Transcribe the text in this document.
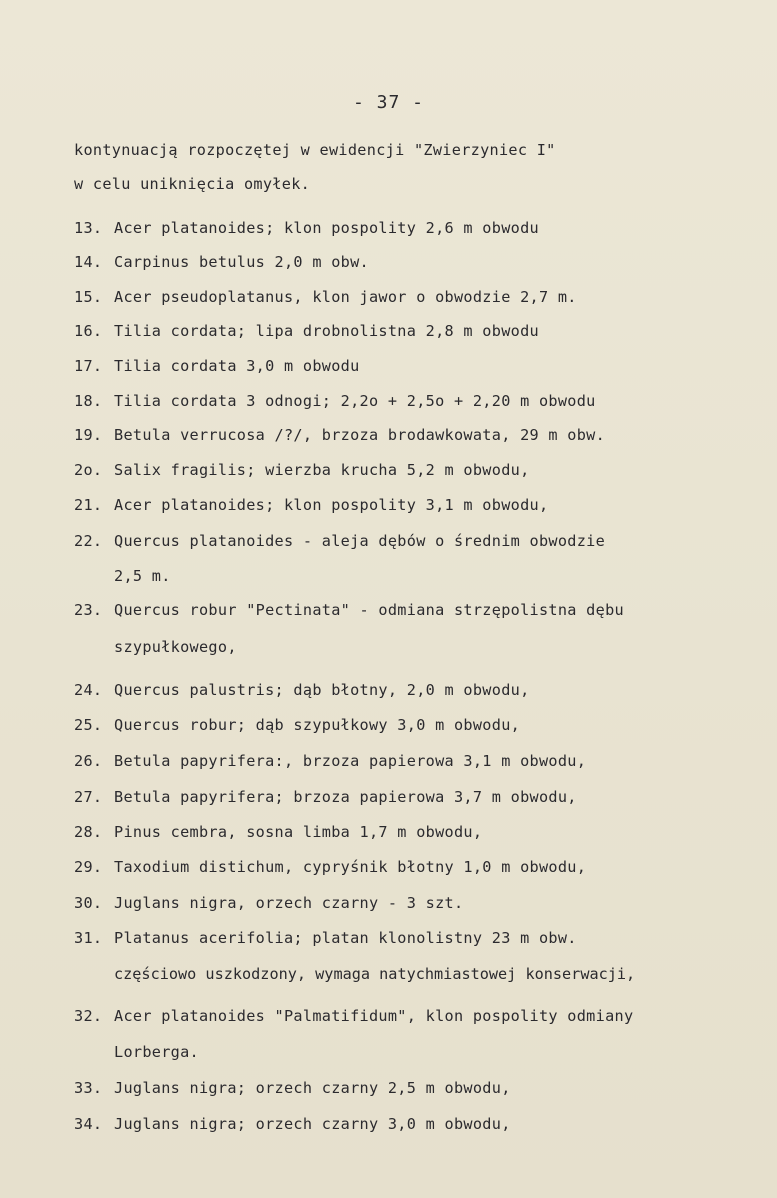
- 37 -
kontynuacją rozpoczętej w ewidencji "Zwierzyniec I"
w celu uniknięcia omyłek.
13. Acer platanoides; klon pospolity 2,6 m obwodu
14. Carpinus betulus 2,0 m obw.
15. Acer pseudoplatanus, klon jawor o obwodzie 2,7 m.
16. Tilia cordata; lipa drobnolistna 2,8 m obwodu
17. Tilia cordata 3,0 m obwodu
18. Tilia cordata 3 odnogi; 2,2o + 2,5o + 2,20 m obwodu
19. Betula verrucosa /?/, brzoza brodawkowata, 29 m obw.
2o. Salix fragilis; wierzba krucha 5,2 m obwodu,
21. Acer platanoides; klon pospolity 3,1 m obwodu,
22. Quercus platanoides - aleja dębów o średnim obwodzie
2,5 m.
23. Quercus robur "Pectinata" - odmiana strzępolistna dębu
szypułkowego,
24. Quercus palustris; dąb błotny, 2,0 m obwodu,
25. Quercus robur; dąb szypułkowy 3,0 m obwodu,
26. Betula papyrifera:, brzoza papierowa 3,1 m obwodu,
27. Betula papyrifera; brzoza papierowa 3,7 m obwodu,
28. Pinus cembra, sosna limba 1,7 m obwodu,
29. Taxodium distichum, cypryśnik błotny 1,0 m obwodu,
30. Juglans nigra, orzech czarny - 3 szt.
31. Platanus acerifolia; platan klonolistny 23 m obw.
częściowo uszkodzony, wymaga natychmiastowej konserwacji,
32. Acer platanoides "Palmatifidum", klon pospolity odmiany
Lorberga.
33. Juglans nigra; orzech czarny 2,5 m obwodu,
34. Juglans nigra; orzech czarny 3,0 m obwodu,
